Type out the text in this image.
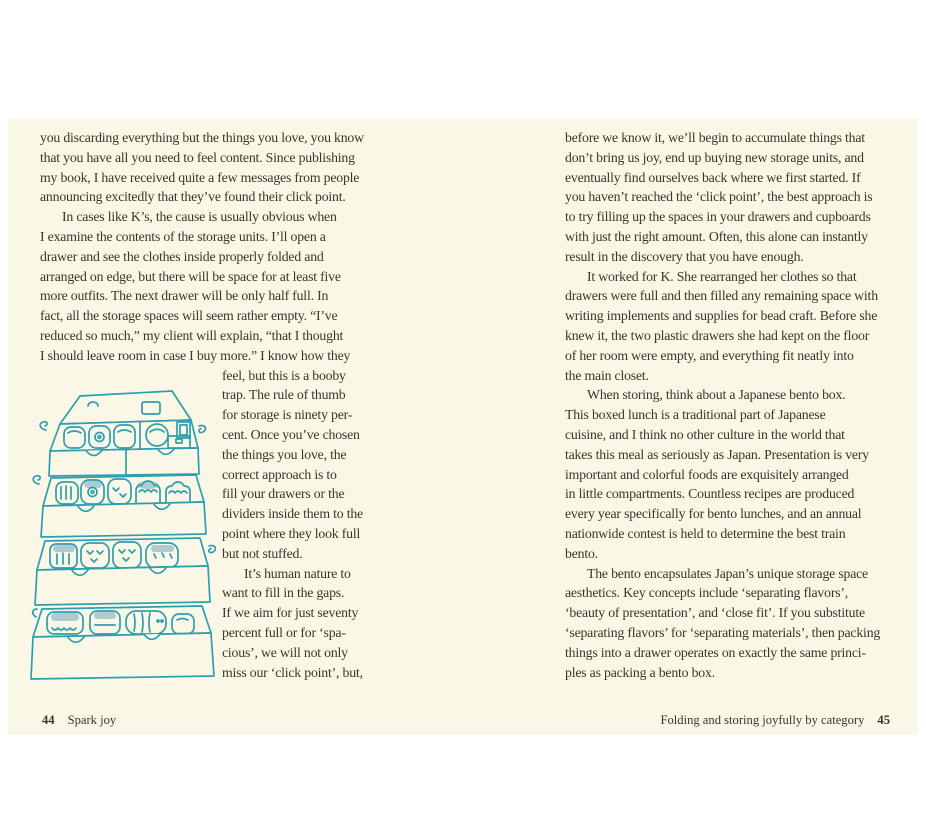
you discarding everything but the things you love, you know
that you have all you need to feel content. Since publishing
my book, I have received quite a few messages from people
announcing excitedly that they’ve found their click point.
In cases like K’s, the cause is usually obvious when
I examine the contents of the storage units. I’ll open a
drawer and see the clothes inside properly folded and
arranged on edge, but there will be space for at least five
more outfits. The next drawer will be only half full. In
fact, all the storage spaces will seem rather empty. “I’ve
reduced so much,” my client will explain, “that I thought
I should leave room in case I buy more.” I know how they
feel, but this is a booby
trap. The rule of thumb
for storage is ninety per-
cent. Once you’ve chosen
the things you love, the
correct approach is to
fill your drawers or the
dividers inside them to the
point where they look full
but not stuffed.
It’s human nature to
want to fill in the gaps.
If we aim for just seventy
percent full or for ‘spa-
cious’, we will not only
miss our ‘click point’, but,
before we know it, we’ll begin to accumulate things that
don’t bring us joy, end up buying new storage units, and
eventually find ourselves back where we first started. If
you haven’t reached the ‘click point’, the best approach is
to try filling up the spaces in your drawers and cupboards
with just the right amount. Often, this alone can instantly
result in the discovery that you have enough.
It worked for K. She rearranged her clothes so that
drawers were full and then filled any remaining space with
writing implements and supplies for bead craft. Before she
knew it, the two plastic drawers she had kept on the floor
of her room were empty, and everything fit neatly into
the main closet.
When storing, think about a Japanese bento box.
This boxed lunch is a traditional part of Japanese
cuisine, and I think no other culture in the world that
takes this meal as seriously as Japan. Presentation is very
important and colorful foods are exquisitely arranged
in little compartments. Countless recipes are produced
every year specifically for bento lunches, and an annual
nationwide contest is held to determine the best train
bento.
The bento encapsulates Japan’s unique storage space
aesthetics. Key concepts include ‘separating flavors’,
‘beauty of presentation’, and ‘close fit’. If you substitute
‘separating flavors’ for ‘separating materials’, then packing
things into a drawer operates on exactly the same princi-
ples as packing a bento box.
44 Spark joy	Folding and storing joyfully by category 45
